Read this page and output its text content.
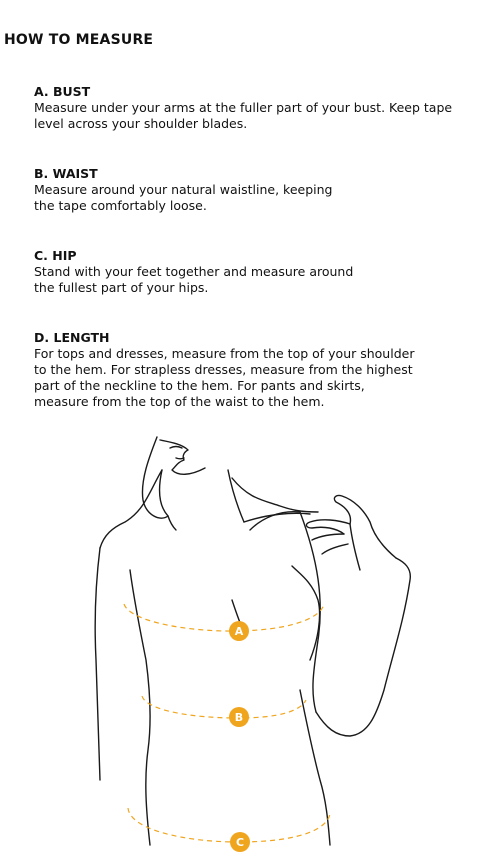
HOW TO MEASURE

A. BUST

Measure under your arms at the fuller part of your bust. Keep tape
level across your shoulder blades.

B. WAIST

Measure around your natural waistline, keeping
the tape comfortably loose.

C. HIP

Stand with your feet together and measure around
the fullest part of your hips.

D. LENGTH

For tops and dresses, measure from the top of your shoulder
to the hem. For strapless dresses, measure from the highest
part of the neckline to the hem. For pants and skirts,
measure from the top of the waist to the hem.

A
B
C
